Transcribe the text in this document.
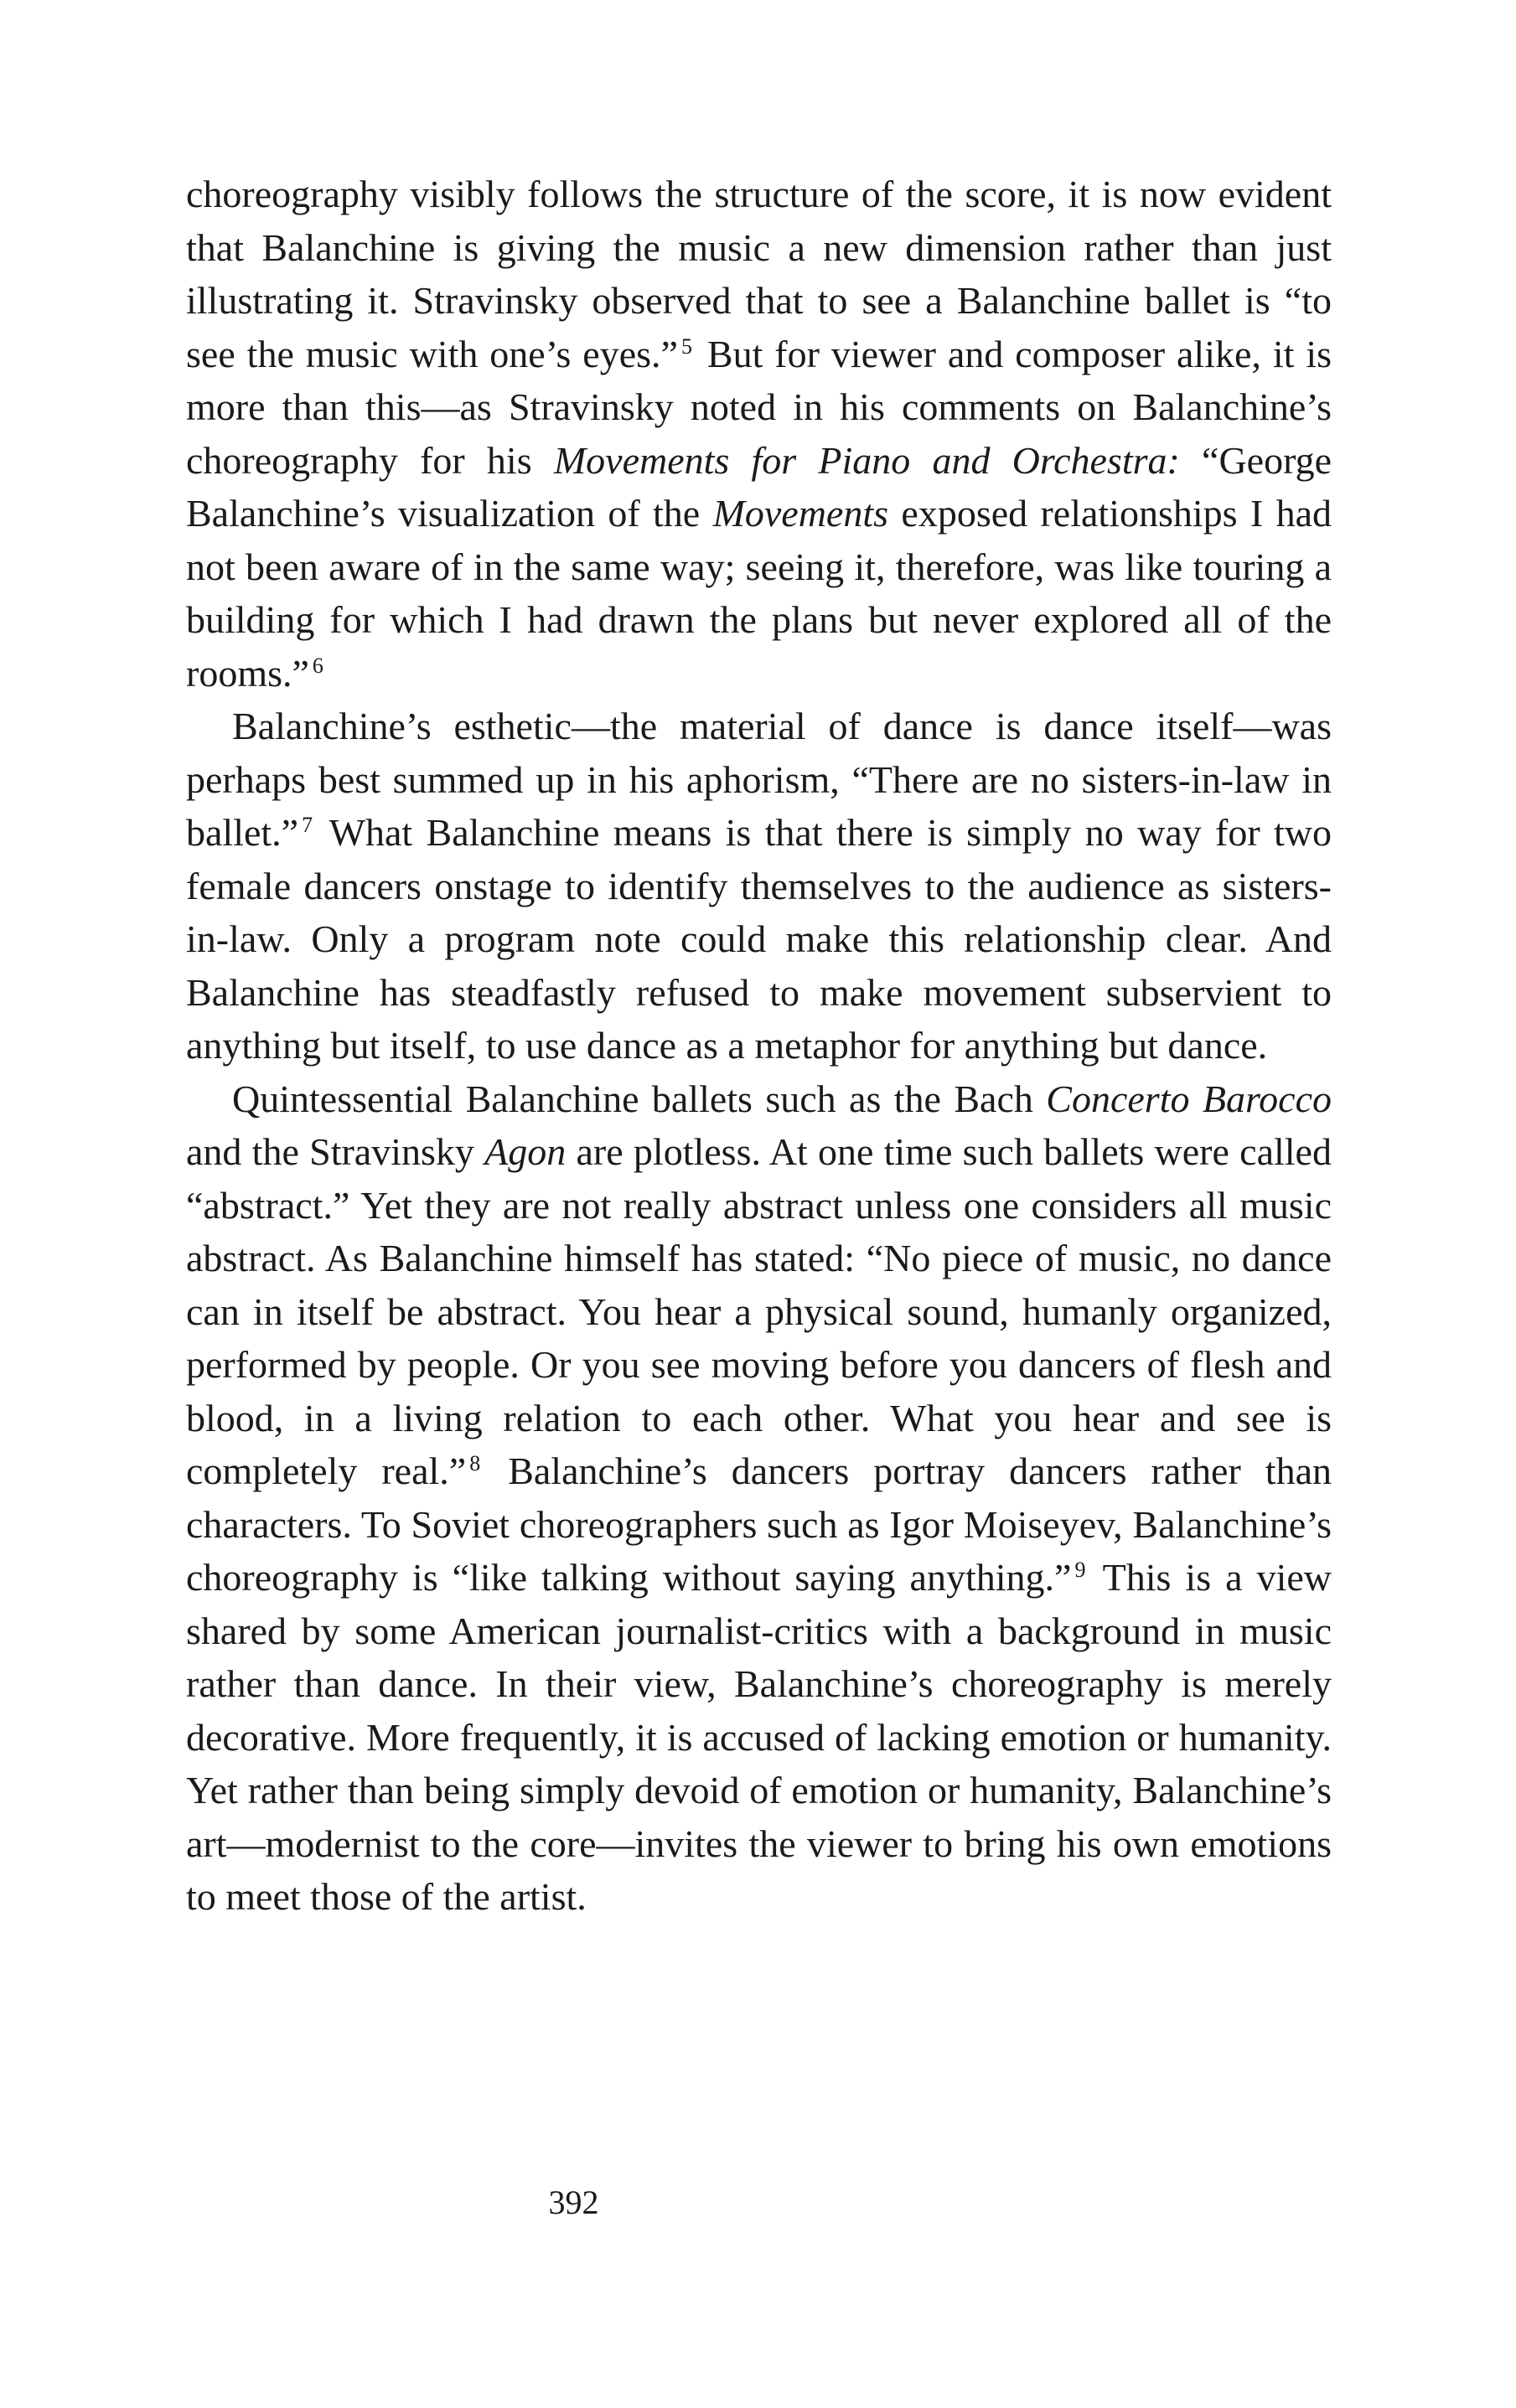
choreography visibly follows the structure of the score, it is now evident that Balanchine is giving the music a new dimension rather than just illustrating it. Stravinsky observed that to see a Balanchine ballet is “to see the music with one’s eyes.” $^5$ But for viewer and composer alike, it is more than this—as Stravinsky noted in his comments on Balanchine’s choreography for his Movements for Piano and Orchestra: “George Balanchine’s visualization of the Movements exposed relationships I had not been aware of in the same way; seeing it, therefore, was like touring a building for which I had drawn the plans but never explored all of the rooms.” $^6$

Balanchine’s esthetic—the material of dance is dance itself—was perhaps best summed up in his aphorism, “There are no sisters-in-law in ballet.” $^7$ What Balanchine means is that there is simply no way for two female dancers onstage to identify themselves to the audience as sisters-in-law. Only a program note could make this relationship clear. And Balanchine has steadfastly refused to make movement subservient to anything but itself, to use dance as a metaphor for anything but dance.

Quintessential Balanchine ballets such as the Bach Concerto Barocco and the Stravinsky Agon are plotless. At one time such ballets were called “abstract.” Yet they are not really abstract unless one considers all music abstract. As Balanchine himself has stated: “No piece of music, no dance can in itself be abstract. You hear a physical sound, humanly organized, performed by people. Or you see moving before you dancers of flesh and blood, in a living relation to each other. What you hear and see is completely real.” $^8$ Balanchine’s dancers portray dancers rather than characters. To Soviet choreographers such as Igor Moiseyev, Balanchine’s choreography is “like talking without saying anything.” $^9$ This is a view shared by some American journalist-critics with a background in music rather than dance. In their view, Balanchine’s choreography is merely decorative. More frequently, it is accused of lacking emotion or humanity. Yet rather than being simply devoid of emotion or humanity, Balanchine’s art—modernist to the core—invites the viewer to bring his own emotions to meet those of the artist.

392
